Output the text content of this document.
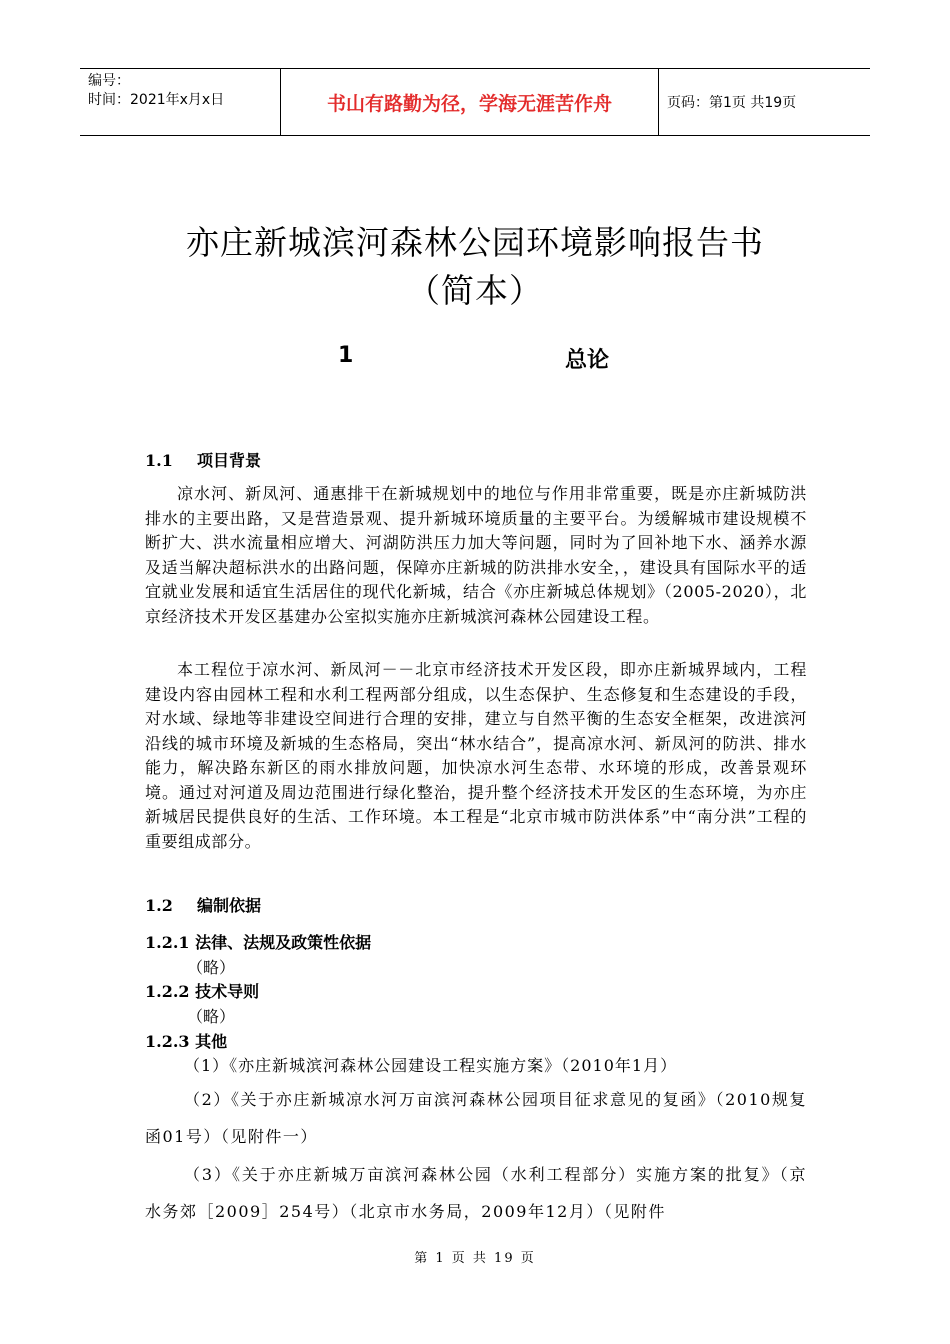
编号：
时间：2021年x月x日	书山有路勤为径，学海无涯苦作舟	页码：第1页 共19页
亦庄新城滨河森林公园环境影响报告书
（简本）
1	总论
1.1 项目背景
凉水河、新凤河、通惠排干在新城规划中的地位与作用非常重要，既是亦庄新城防洪排水的主要出路，又是营造景观、提升新城环境质量的主要平台。为缓解城市建设规模不断扩大、洪水流量相应增大、河湖防洪压力加大等问题，同时为了回补地下水、涵养水源及适当解决超标洪水的出路问题，保障亦庄新城的防洪排水安全，，建设具有国际水平的适宜就业发展和适宜生活居住的现代化新城，结合《亦庄新城总体规划》（2005-2020），北京经济技术开发区基建办公室拟实施亦庄新城滨河森林公园建设工程。
本工程位于凉水河、新凤河－－北京市经济技术开发区段，即亦庄新城界域内，工程建设内容由园林工程和水利工程两部分组成，以生态保护、生态修复和生态建设的手段，对水域、绿地等非建设空间进行合理的安排，建立与自然平衡的生态安全框架，改进滨河沿线的城市环境及新城的生态格局，突出“林水结合”，提高凉水河、新凤河的防洪、排水能力，解决路东新区的雨水排放问题，加快凉水河生态带、水环境的形成，改善景观环境。通过对河道及周边范围进行绿化整治，提升整个经济技术开发区的生态环境，为亦庄新城居民提供良好的生活、工作环境。本工程是“北京市城市防洪体系”中“南分洪”工程的重要组成部分。
1.2 编制依据
1.2.1 法律、法规及政策性依据
（略）
1.2.2 技术导则
（略）
1.2.3 其他
（1）《亦庄新城滨河森林公园建设工程实施方案》（2010年1月）
（2）《关于亦庄新城凉水河万亩滨河森林公园项目征求意见的复函》（2010规复函01号）（见附件一）
（3）《关于亦庄新城万亩滨河森林公园（水利工程部分）实施方案的批复》（京水务郊［2009］254号）（北京市水务局，2009年12月）（见附件
第 1 页 共 19 页
